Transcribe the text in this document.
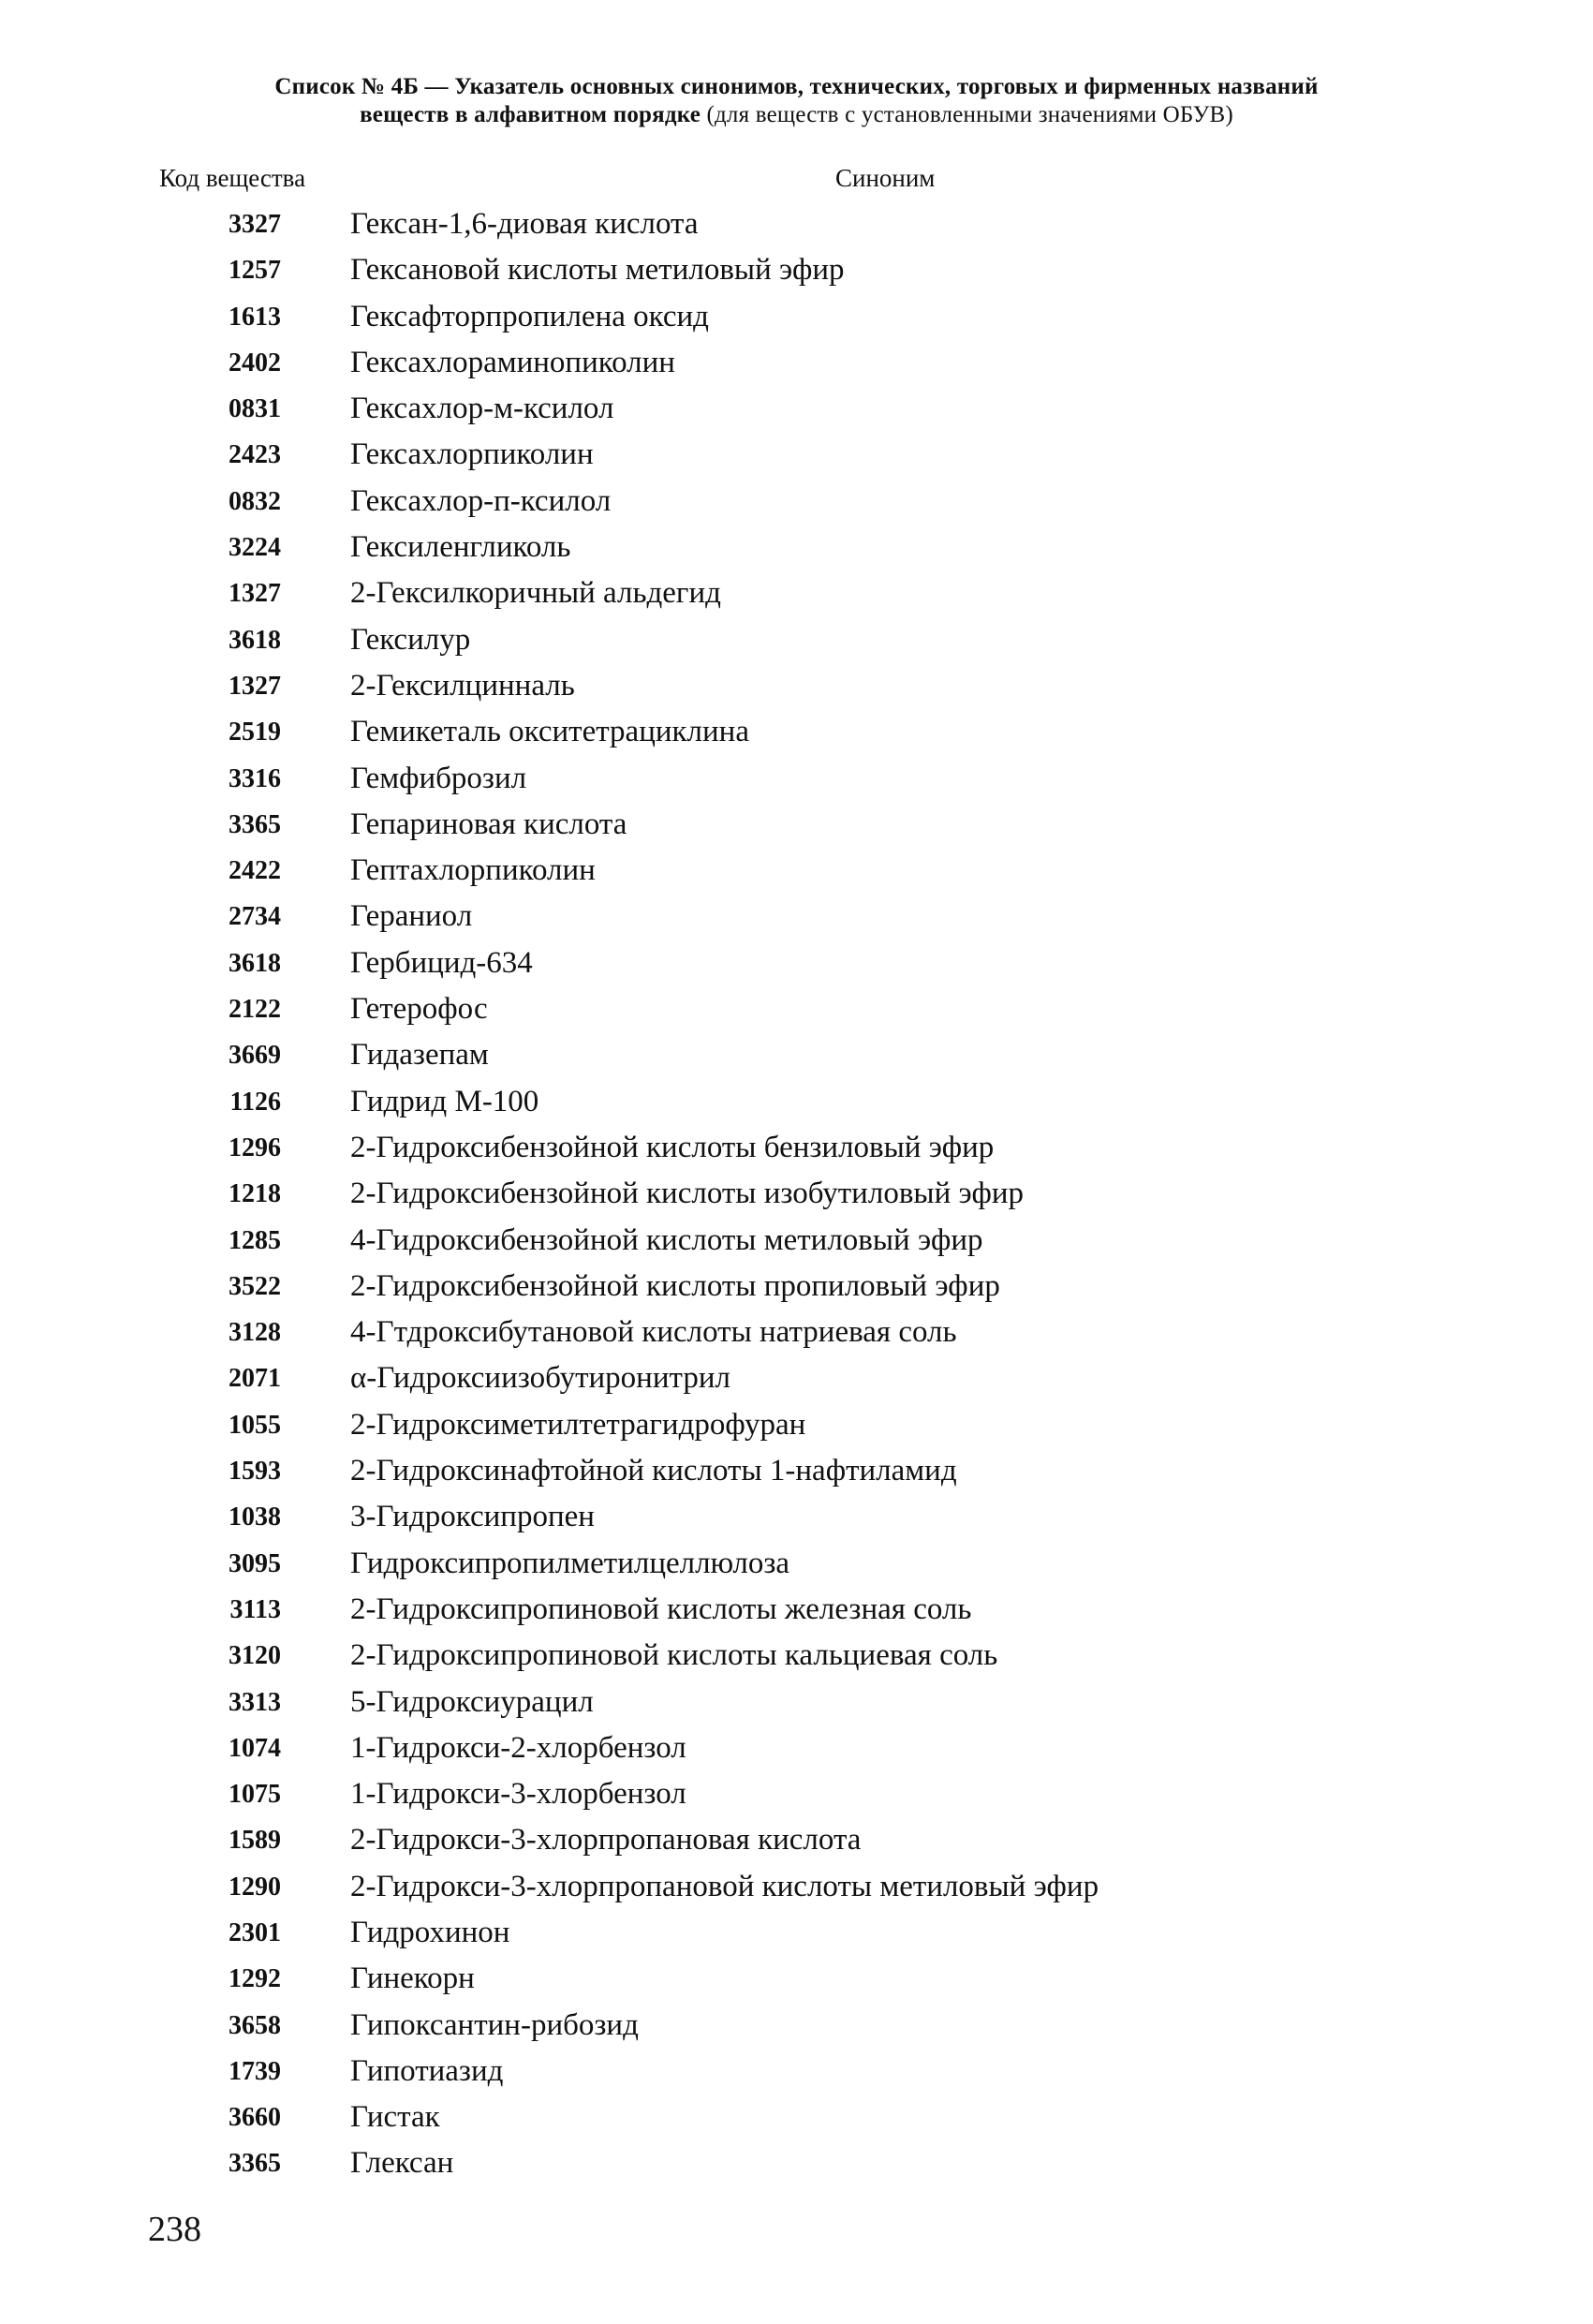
Список № 4Б — Указатель основных синонимов, технических, торговых и фирменных названий
веществ в алфавитном порядке (для веществ с установленными значениями ОБУВ)
Код вещества	Синоним
3327 Гексан-1,6-диовая кислота
1257 Гексановой кислоты метиловый эфир
1613 Гексафторпропилена оксид
2402 Гексахлораминопиколин
0831 Гексахлор-м-ксилол
2423 Гексахлорпиколин
0832 Гексахлор-п-ксилол
3224 Гексиленгликоль
1327 2-Гексилкоричный альдегид
3618 Гексилур
1327 2-Гексилцинналь
2519 Гемикеталь окситетрациклина
3316 Гемфиброзил
3365 Гепариновая кислота
2422 Гептахлорпиколин
2734 Гераниол
3618 Гербицид-634
2122 Гетерофос
3669 Гидазепам
1126 Гидрид М-100
1296 2-Гидроксибензойной кислоты бензиловый эфир
1218 2-Гидроксибензойной кислоты изобутиловый эфир
1285 4-Гидроксибензойной кислоты метиловый эфир
3522 2-Гидроксибензойной кислоты пропиловый эфир
3128 4-Гтдроксибутановой кислоты натриевая соль
2071 α-Гидроксиизобутиронитрил
1055 2-Гидроксиметилтетрагидрофуран
1593 2-Гидроксинафтойной кислоты 1-нафтиламид
1038 3-Гидроксипропен
3095 Гидроксипропилметилцеллюлоза
3113 2-Гидроксипропиновой кислоты железная соль
3120 2-Гидроксипропиновой кислоты кальциевая соль
3313 5-Гидроксиурацил
1074 1-Гидрокси-2-хлорбензол
1075 1-Гидрокси-3-хлорбензол
1589 2-Гидрокси-3-хлорпропановая кислота
1290 2-Гидрокси-3-хлорпропановой кислоты метиловый эфир
2301 Гидрохинон
1292 Гинекорн
3658 Гипоксантин-рибозид
1739 Гипотиазид
3660 Гистак
3365 Глексан
238
